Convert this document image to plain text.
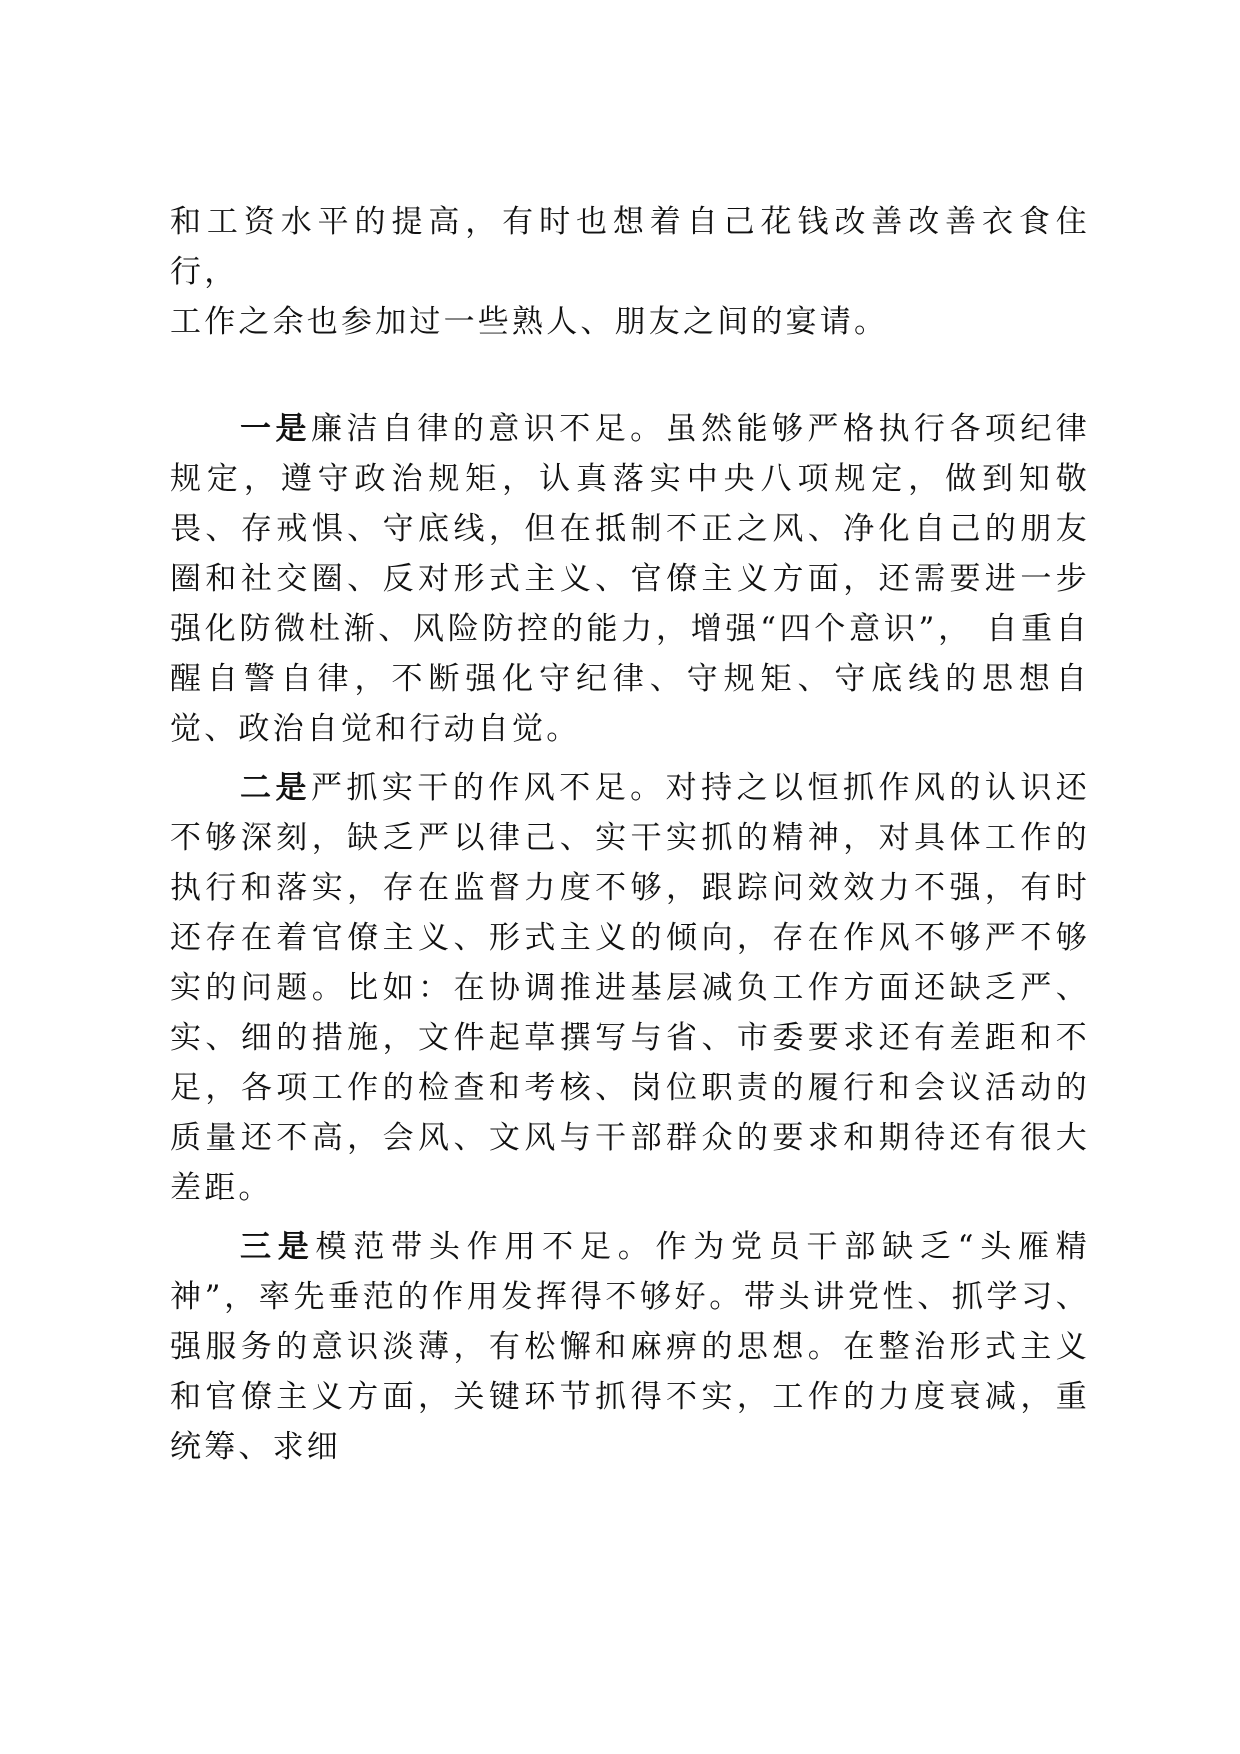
和工资水平的提高，有时也想着自己花钱改善改善衣食住行，
工作之余也参加过一些熟人、朋友之间的宴请。

一是廉洁自律的意识不足。虽然能够严格执行各项纪律规定，遵守政治规矩，认真落实中央八项规定，做到知敬畏、存戒惧、守底线，但在抵制不正之风、净化自己的朋友圈和社交圈、反对形式主义、官僚主义方面，还需要进一步强化防微杜渐、风险防控的能力，增强“四个意识”， 自重自醒自警自律，不断强化守纪律、守规矩、守底线的思想自觉、政治自觉和行动自觉。

二是严抓实干的作风不足。对持之以恒抓作风的认识还不够深刻，缺乏严以律己、实干实抓的精神，对具体工作的执行和落实，存在监督力度不够，跟踪问效效力不强，有时还存在着官僚主义、形式主义的倾向，存在作风不够严不够实的问题。比如：在协调推进基层减负工作方面还缺乏严、实、细的措施，文件起草撰写与省、市委要求还有差距和不足，各项工作的检查和考核、岗位职责的履行和会议活动的质量还不高，会风、文风与干部群众的要求和期待还有很大差距。

三是模范带头作用不足。作为党员干部缺乏“头雁精神”，率先垂范的作用发挥得不够好。带头讲党性、抓学习、强服务的意识淡薄，有松懈和麻痹的思想。在整治形式主义和官僚主义方面，关键环节抓得不实，工作的力度衰减，重统筹、求细
